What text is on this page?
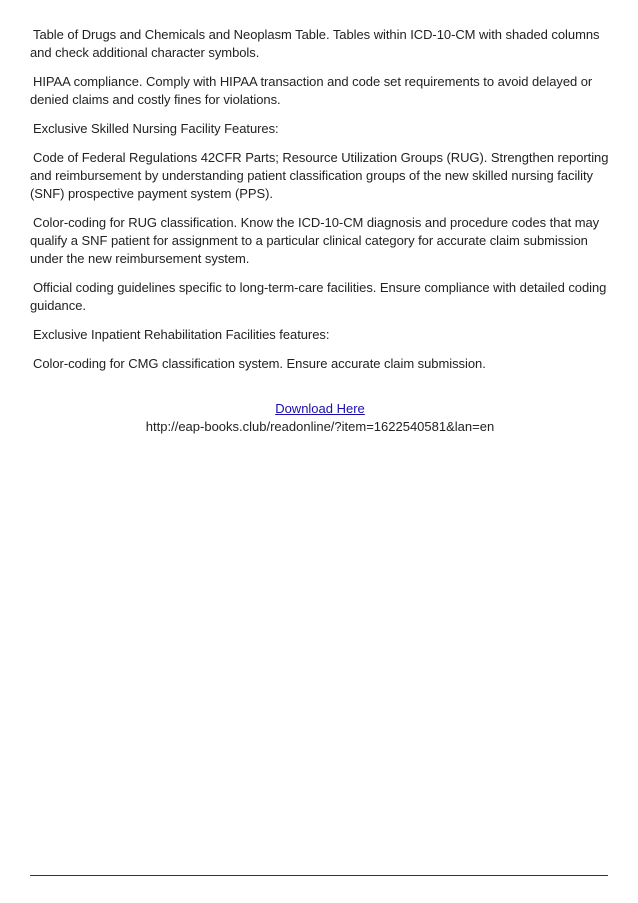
Table of Drugs and Chemicals and Neoplasm Table. Tables within ICD-10-CM with shaded columns and check additional character symbols.

HIPAA compliance. Comply with HIPAA transaction and code set requirements to avoid delayed or denied claims and costly fines for violations.

Exclusive Skilled Nursing Facility Features:

Code of Federal Regulations 42CFR Parts; Resource Utilization Groups (RUG). Strengthen reporting and reimbursement by understanding patient classification groups of the new skilled nursing facility (SNF) prospective payment system (PPS).

Color-coding for RUG classification. Know the ICD-10-CM diagnosis and procedure codes that may qualify a SNF patient for assignment to a particular clinical category for accurate claim submission under the new reimbursement system.

Official coding guidelines specific to long-term-care facilities. Ensure compliance with detailed coding guidance.

Exclusive Inpatient Rehabilitation Facilities features:

Color-coding for CMG classification system. Ensure accurate claim submission.

Download Here
http://eap-books.club/readonline/?item=1622540581&lan=en
